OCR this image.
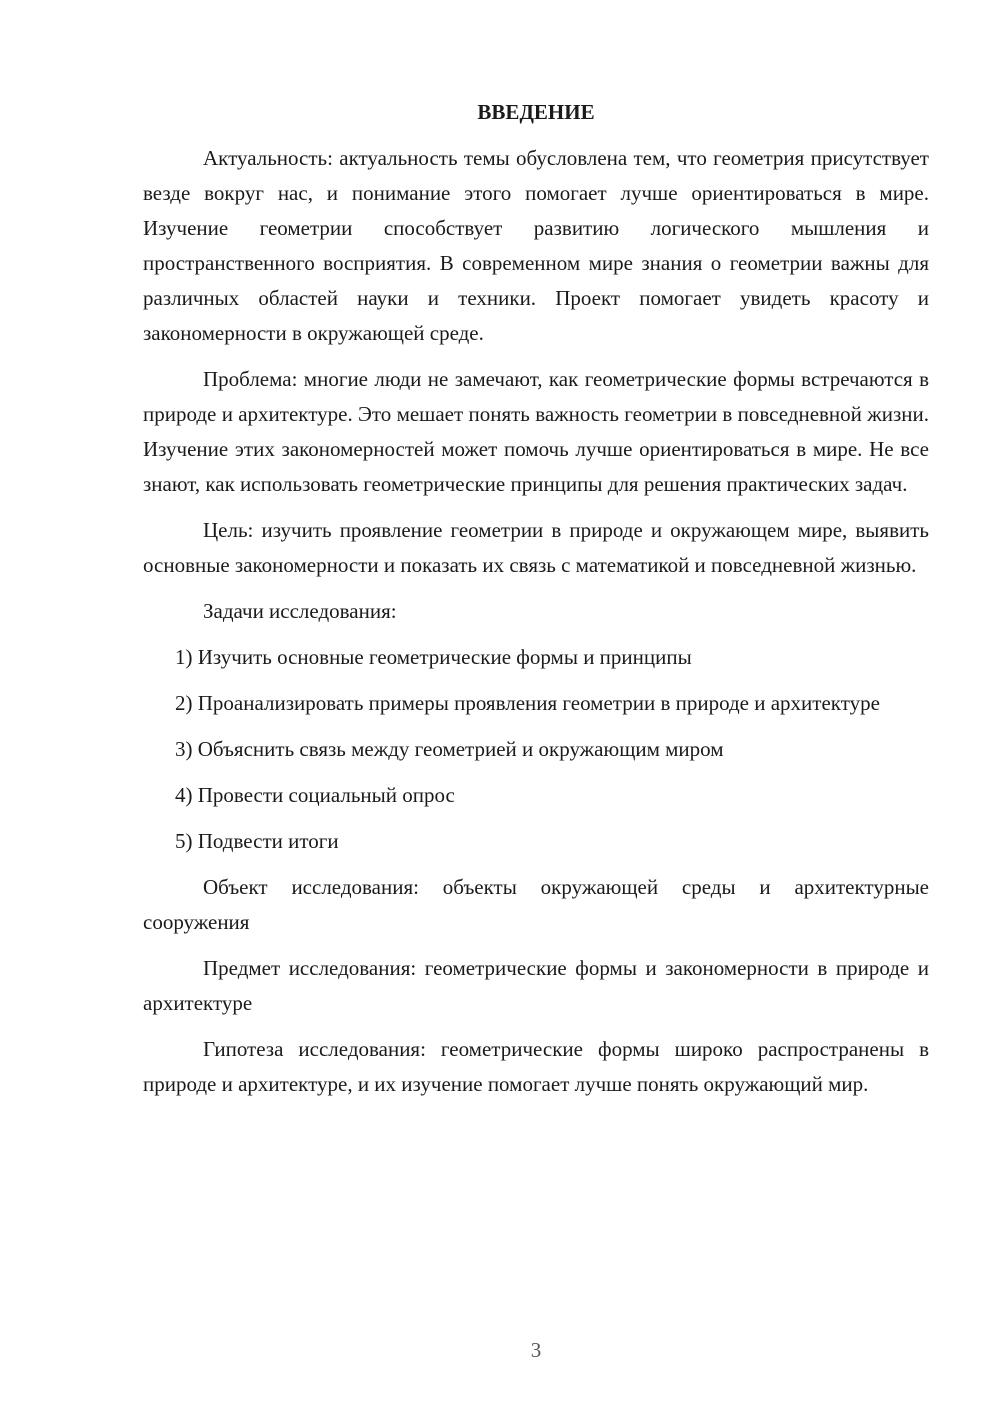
ВВЕДЕНИЕ

Актуальность: актуальность темы обусловлена тем, что геометрия присутствует везде вокруг нас, и понимание этого помогает лучше ориентироваться в мире. Изучение геометрии способствует развитию логического мышления и пространственного восприятия. В современном мире знания о геометрии важны для различных областей науки и техники. Проект помогает увидеть красоту и закономерности в окружающей среде.

Проблема: многие люди не замечают, как геометрические формы встречаются в природе и архитектуре. Это мешает понять важность геометрии в повседневной жизни. Изучение этих закономерностей может помочь лучше ориентироваться в мире. Не все знают, как использовать геометрические принципы для решения практических задач.

Цель: изучить проявление геометрии в природе и окружающем мире, выявить основные закономерности и показать их связь с математикой и повседневной жизнью.

Задачи исследования:

1) Изучить основные геометрические формы и принципы

2) Проанализировать примеры проявления геометрии в природе и архитектуре

3) Объяснить связь между геометрией и окружающим миром

4) Провести социальный опрос

5) Подвести итоги

Объект исследования: объекты окружающей среды и архитектурные сооружения

Предмет исследования: геометрические формы и закономерности в природе и архитектуре

Гипотеза исследования: геометрические формы широко распространены в природе и архитектуре, и их изучение помогает лучше понять окружающий мир.

3
